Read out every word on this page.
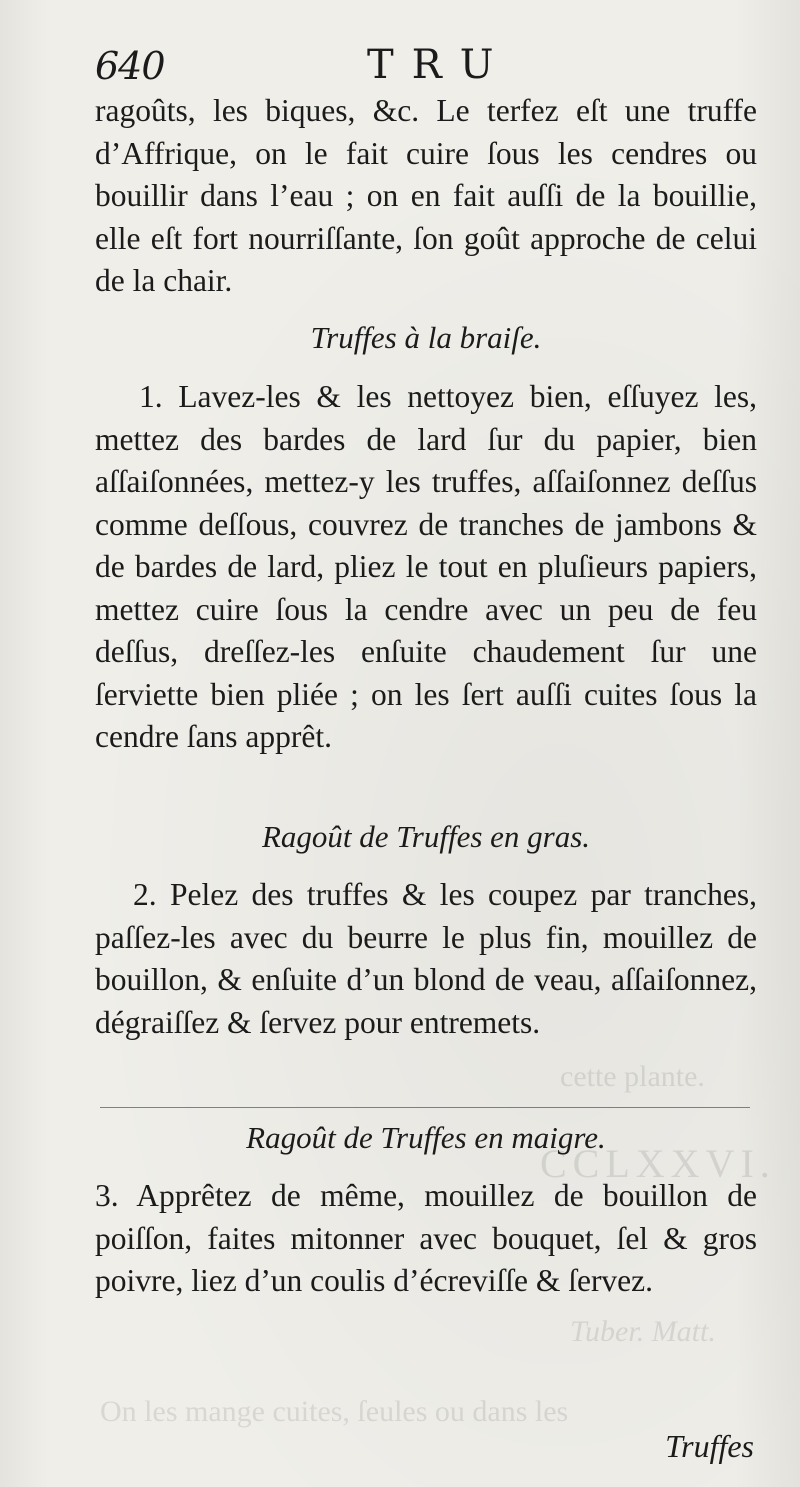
cette plante.
CCLXXVI.
Tuber. Matt.
On les mange cuites, ſeules ou dans les
640	TRU

ragoûts, les biques, &c. Le terfez eſt une truffe d’Affrique, on le fait cuire ſous les cendres ou bouillir dans l’eau ; on en fait auſſi de la bouillie, elle eſt fort nourriſſante, ſon goût approche de celui de la chair.

Truffes à la braiſe.

1. Lavez-les & les nettoyez bien, eſſuyez les, mettez des bardes de lard ſur du papier, bien aſſaiſonnées, mettez-y les truffes, aſſaiſonnez deſſus comme deſſous, couvrez de tranches de jambons & de bardes de lard, pliez le tout en pluſieurs papiers, mettez cuire ſous la cendre avec un peu de feu deſſus, dreſſez-les enſuite chaudement ſur une ſerviette bien pliée ; on les ſert auſſi cuites ſous la cendre ſans apprêt.

Ragoût de Truffes en gras.

2. Pelez des truffes & les coupez par tranches, paſſez-les avec du beurre le plus fin, mouillez de bouillon, & enſuite d’un blond de veau, aſſaiſonnez, dégraiſſez & ſervez pour entremets.

Ragoût de Truffes en maigre.

3. Apprêtez de même, mouillez de bouillon de poiſſon, faites mitonner avec bouquet, ſel & gros poivre, liez d’un coulis d’écreviſſe & ſervez.

Truffes
